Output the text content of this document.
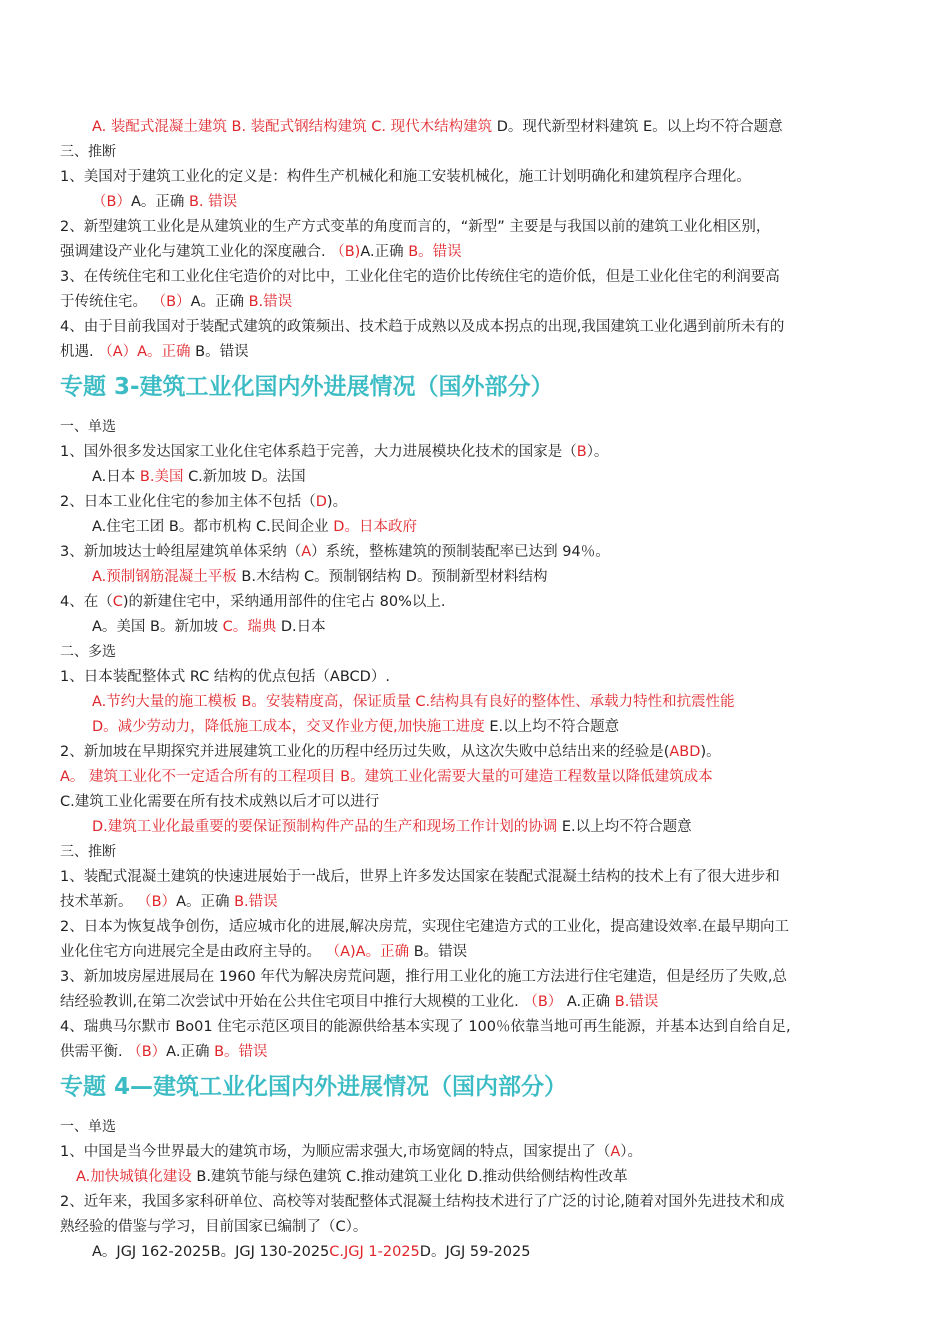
A. 装配式混凝土建筑 B. 装配式钢结构建筑 C. 现代木结构建筑 D。现代新型材料建筑 E。以上均不符合题意
三、推断
1、美国对于建筑工业化的定义是：构件生产机械化和施工安装机械化，施工计划明确化和建筑程序合理化。
（B）A。正确 B. 错误
2、新型建筑工业化是从建筑业的生产方式变革的角度而言的，“新型” 主要是与我国以前的建筑工业化相区别，
强调建设产业化与建筑工业化的深度融合. （B)A.正确 B。错误
3、在传统住宅和工业化住宅造价的对比中，工业化住宅的造价比传统住宅的造价低，但是工业化住宅的利润要高
于传统住宅。 （B）A。正确 B.错误
4、由于目前我国对于装配式建筑的政策频出、技术趋于成熟以及成本拐点的出现,我国建筑工业化遇到前所未有的
机遇. （A）A。正确 B。错误
专题 3-建筑工业化国内外进展情况（国外部分）
一、单选
1、国外很多发达国家工业化住宅体系趋于完善，大力进展模块化技术的国家是（B）。
A.日本 B.美国 C.新加坡 D。法国
2、日本工业化住宅的参加主体不包括（D)。
A.住宅工团 B。都市机构 C.民间企业 D。日本政府
3、新加坡达士岭组屋建筑单体采纳（A）系统，整栋建筑的预制装配率已达到 94％。
A.预制钢筋混凝土平板 B.木结构 C。预制钢结构 D。预制新型材料结构
4、在（C)的新建住宅中，采纳通用部件的住宅占 80%以上.
A。美国 B。新加坡 C。瑞典 D.日本
二、多选
1、日本装配整体式 RC 结构的优点包括（ABCD）.
A.节约大量的施工模板 B。安装精度高，保证质量 C.结构具有良好的整体性、承载力特性和抗震性能
D。减少劳动力，降低施工成本，交叉作业方便,加快施工进度 E.以上均不符合题意
2、新加坡在早期探究并进展建筑工业化的历程中经历过失败，从这次失败中总结出来的经验是(ABD)。
A。 建筑工业化不一定适合所有的工程项目 B。建筑工业化需要大量的可建造工程数量以降低建筑成本
C.建筑工业化需要在所有技术成熟以后才可以进行
D.建筑工业化最重要的要保证预制构件产品的生产和现场工作计划的协调 E.以上均不符合题意
三、推断
1、装配式混凝土建筑的快速进展始于一战后，世界上许多发达国家在装配式混凝土结构的技术上有了很大进步和
技术革新。 （B）A。正确 B.错误
2、日本为恢复战争创伤，适应城市化的进展,解决房荒，实现住宅建造方式的工业化，提高建设效率.在最早期向工
业化住宅方向进展完全是由政府主导的。 （A)A。正确 B。错误
3、新加坡房屋进展局在 1960 年代为解决房荒问题，推行用工业化的施工方法进行住宅建造，但是经历了失败,总
结经验教训,在第二次尝试中开始在公共住宅项目中推行大规模的工业化. （B） A.正确 B.错误
4、瑞典马尔默市 Bo01 住宅示范区项目的能源供给基本实现了 100％依靠当地可再生能源，并基本达到自给自足,
供需平衡. （B）A.正确 B。错误
专题 4—建筑工业化国内外进展情况（国内部分）
一、单选
1、中国是当今世界最大的建筑市场，为顺应需求强大,市场宽阔的特点，国家提出了（A）。
A.加快城镇化建设 B.建筑节能与绿色建筑 C.推动建筑工业化 D.推动供给侧结构性改革
2、近年来，我国多家科研单位、高校等对装配整体式混凝土结构技术进行了广泛的讨论,随着对国外先进技术和成
熟经验的借鉴与学习，目前国家已编制了（C）。
A。JGJ 162-2025B。JGJ 130-2025C.JGJ 1-2025D。JGJ 59-2025
